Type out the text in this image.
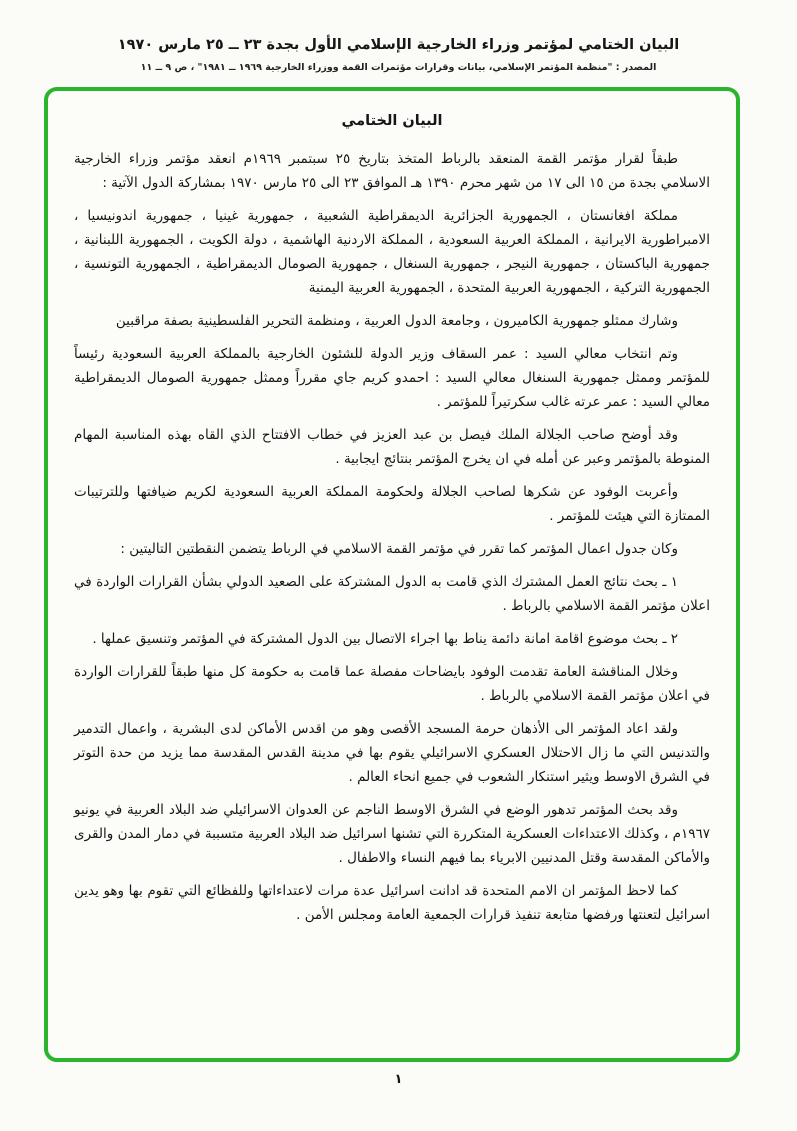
البيان الختامي لمؤتمر وزراء الخارجية الإسلامي الأول بجدة ٢٣ ــ ٢٥ مارس ١٩٧٠
المصدر : "منظمة المؤتمر الإسلامي، بيانات وقرارات مؤتمرات القمة ووزراء الخارجية ١٩٦٩ ــ ١٩٨١" ، ص ٩ ــ ١١
البيان الختامي

طبقاً لقرار مؤتمر القمة المنعقد بالرباط المتخذ بتاريخ ٢٥ سبتمبر ١٩٦٩م انعقد مؤتمر وزراء الخارجية الاسلامي بجدة من ١٥ الى ١٧ من شهر محرم ١٣٩٠ هـ الموافق ٢٣ الى ٢٥ مارس ١٩٧٠ بمشاركة الدول الآتية :

مملكة افغانستان ، الجمهورية الجزائرية الديمقراطية الشعبية ، جمهورية غينيا ، جمهورية اندونيسيا ، الامبراطورية الايرانية ، المملكة العربية السعودية ، المملكة الاردنية الهاشمية ، دولة الكويت ، الجمهورية اللبنانية ، جمهورية الباكستان ، جمهورية النيجر ، جمهورية السنغال ، جمهورية الصومال الديمقراطية ، الجمهورية التونسية ، الجمهورية التركية ، الجمهورية العربية المتحدة ، الجمهورية العربية اليمنية

وشارك ممثلو جمهورية الكاميرون ، وجامعة الدول العربية ، ومنظمة التحرير الفلسطينية بصفة مراقبين

وتم انتخاب معالي السيد : عمر السقاف وزير الدولة للشئون الخارجية بالمملكة العربية السعودية رئيساً للمؤتمر وممثل جمهورية السنغال معالي السيد : احمدو كريم جاي مقرراً وممثل جمهورية الصومال الديمقراطية معالي السيد : عمر عرته غالب سكرتيراً للمؤتمر .

وقد أوضح صاحب الجلالة الملك فيصل بن عبد العزيز في خطاب الافتتاح الذي القاه بهذه المناسبة المهام المنوطة بالمؤتمر وعبر عن أمله في ان يخرج المؤتمر بنتائج ايجابية .

وأعربت الوفود عن شكرها لصاحب الجلالة ولحكومة المملكة العربية السعودية لكريم ضيافتها وللترتيبات الممتازة التي هيئت للمؤتمر .

وكان جدول اعمال المؤتمر كما تقرر في مؤتمر القمة الاسلامي في الرباط يتضمن النقطتين التاليتين :

١ ـ بحث نتائج العمل المشترك الذي قامت به الدول المشتركة على الصعيد الدولي بشأن القرارات الواردة في اعلان مؤتمر القمة الاسلامي بالرباط .

٢ ـ بحث موضوع اقامة امانة دائمة يناط بها اجراء الاتصال بين الدول المشتركة في المؤتمر وتنسيق عملها .

وخلال المناقشة العامة تقدمت الوفود بايضاحات مفصلة عما قامت به حكومة كل منها طبقاً للقرارات الواردة في اعلان مؤتمر القمة الاسلامي بالرباط .

ولقد اعاد المؤتمر الى الأذهان حرمة المسجد الأقصى وهو من اقدس الأماكن لدى البشرية ، واعمال التدمير والتدنيس التي ما زال الاحتلال العسكري الاسرائيلي يقوم بها في مدينة القدس المقدسة مما يزيد من حدة التوتر في الشرق الاوسط ويثير استنكار الشعوب في جميع انحاء العالم .

وقد بحث المؤتمر تدهور الوضع في الشرق الاوسط الناجم عن العدوان الاسرائيلي ضد البلاد العربية في يونيو ١٩٦٧م ، وكذلك الاعتداءات العسكرية المتكررة التي تشنها اسرائيل ضد البلاد العربية متسببة في دمار المدن والقرى والأماكن المقدسة وقتل المدنيين الابرياء بما فيهم النساء والاطفال .

كما لاحظ المؤتمر ان الامم المتحدة قد ادانت اسرائيل عدة مرات لاعتداءاتها وللفظائع التي تقوم بها وهو يدين اسرائيل لتعنتها ورفضها متابعة تنفيذ قرارات الجمعية العامة ومجلس الأمن .

١
